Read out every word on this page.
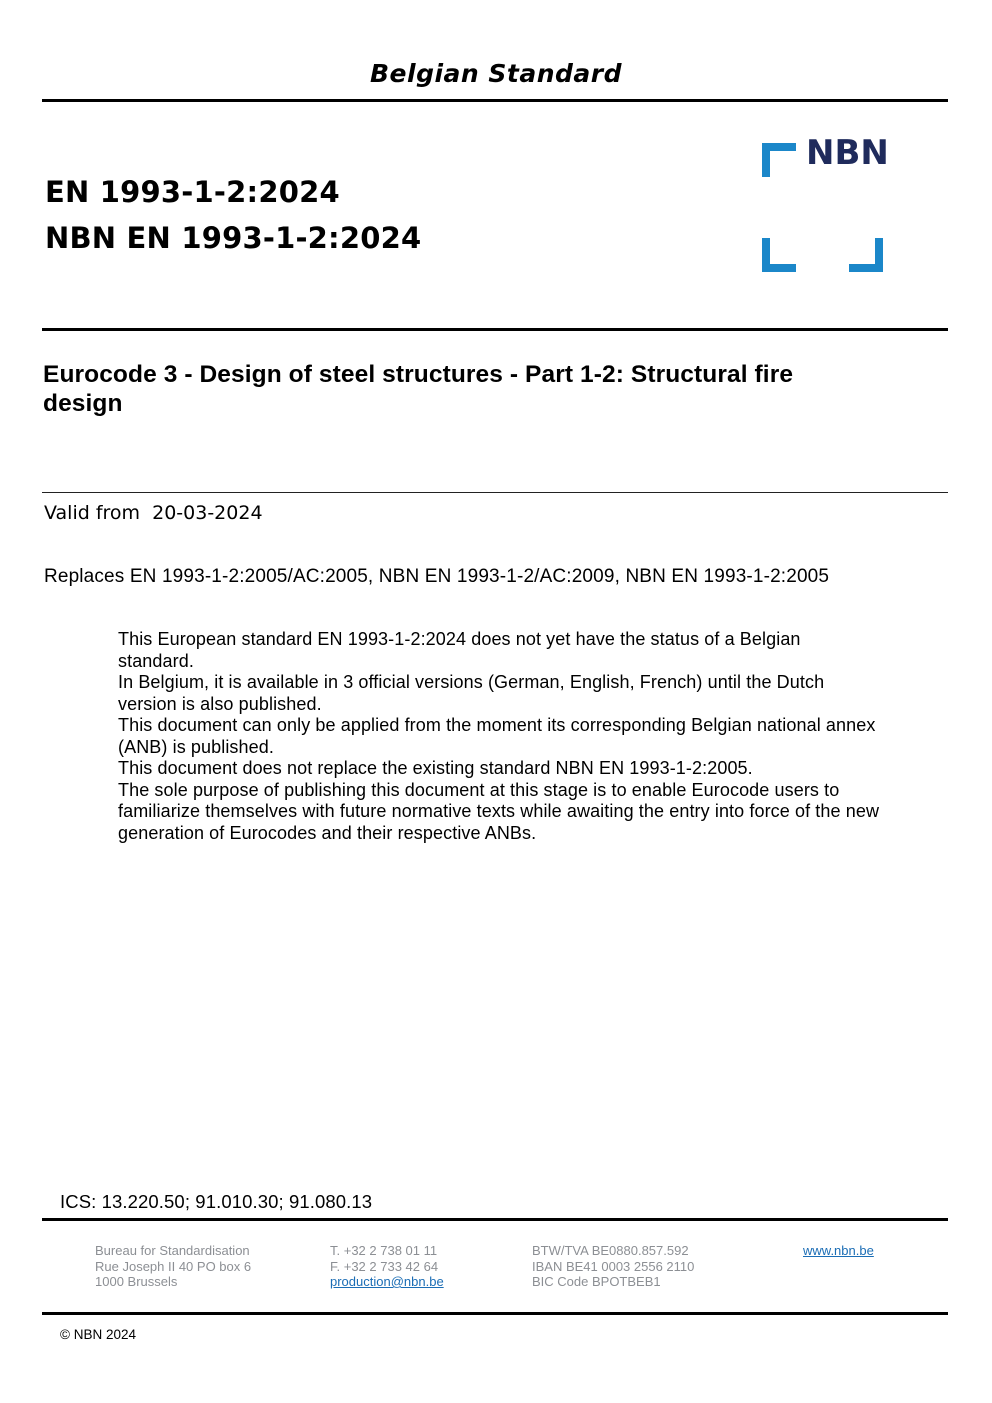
Belgian Standard
NBN
EN 1993-1-2:2024
NBN EN 1993-1-2:2024
Eurocode 3 - Design of steel structures - Part 1-2: Structural fire design
Valid from  20-03-2024
Replaces EN 1993-1-2:2005/AC:2005, NBN EN 1993-1-2/AC:2009, NBN EN 1993-1-2:2005
This European standard EN 1993-1-2:2024 does not yet have the status of a Belgian standard.
In Belgium, it is available in 3 official versions (German, English, French) until the Dutch version is also published.
This document can only be applied from the moment its corresponding Belgian national annex (ANB) is published.
This document does not replace the existing standard NBN EN 1993-1-2:2005.
The sole purpose of publishing this document at this stage is to enable Eurocode users to familiarize themselves with future normative texts while awaiting the entry into force of the new generation of Eurocodes and their respective ANBs.
ICS: 13.220.50; 91.010.30; 91.080.13
Bureau for Standardisation
Rue Joseph II 40 PO box 6
1000 Brussels
T. +32 2 738 01 11
F. +32 2 733 42 64
production@nbn.be
BTW/TVA BE0880.857.592
IBAN BE41 0003 2556 2110
BIC Code BPOTBEB1
www.nbn.be
© NBN 2024
